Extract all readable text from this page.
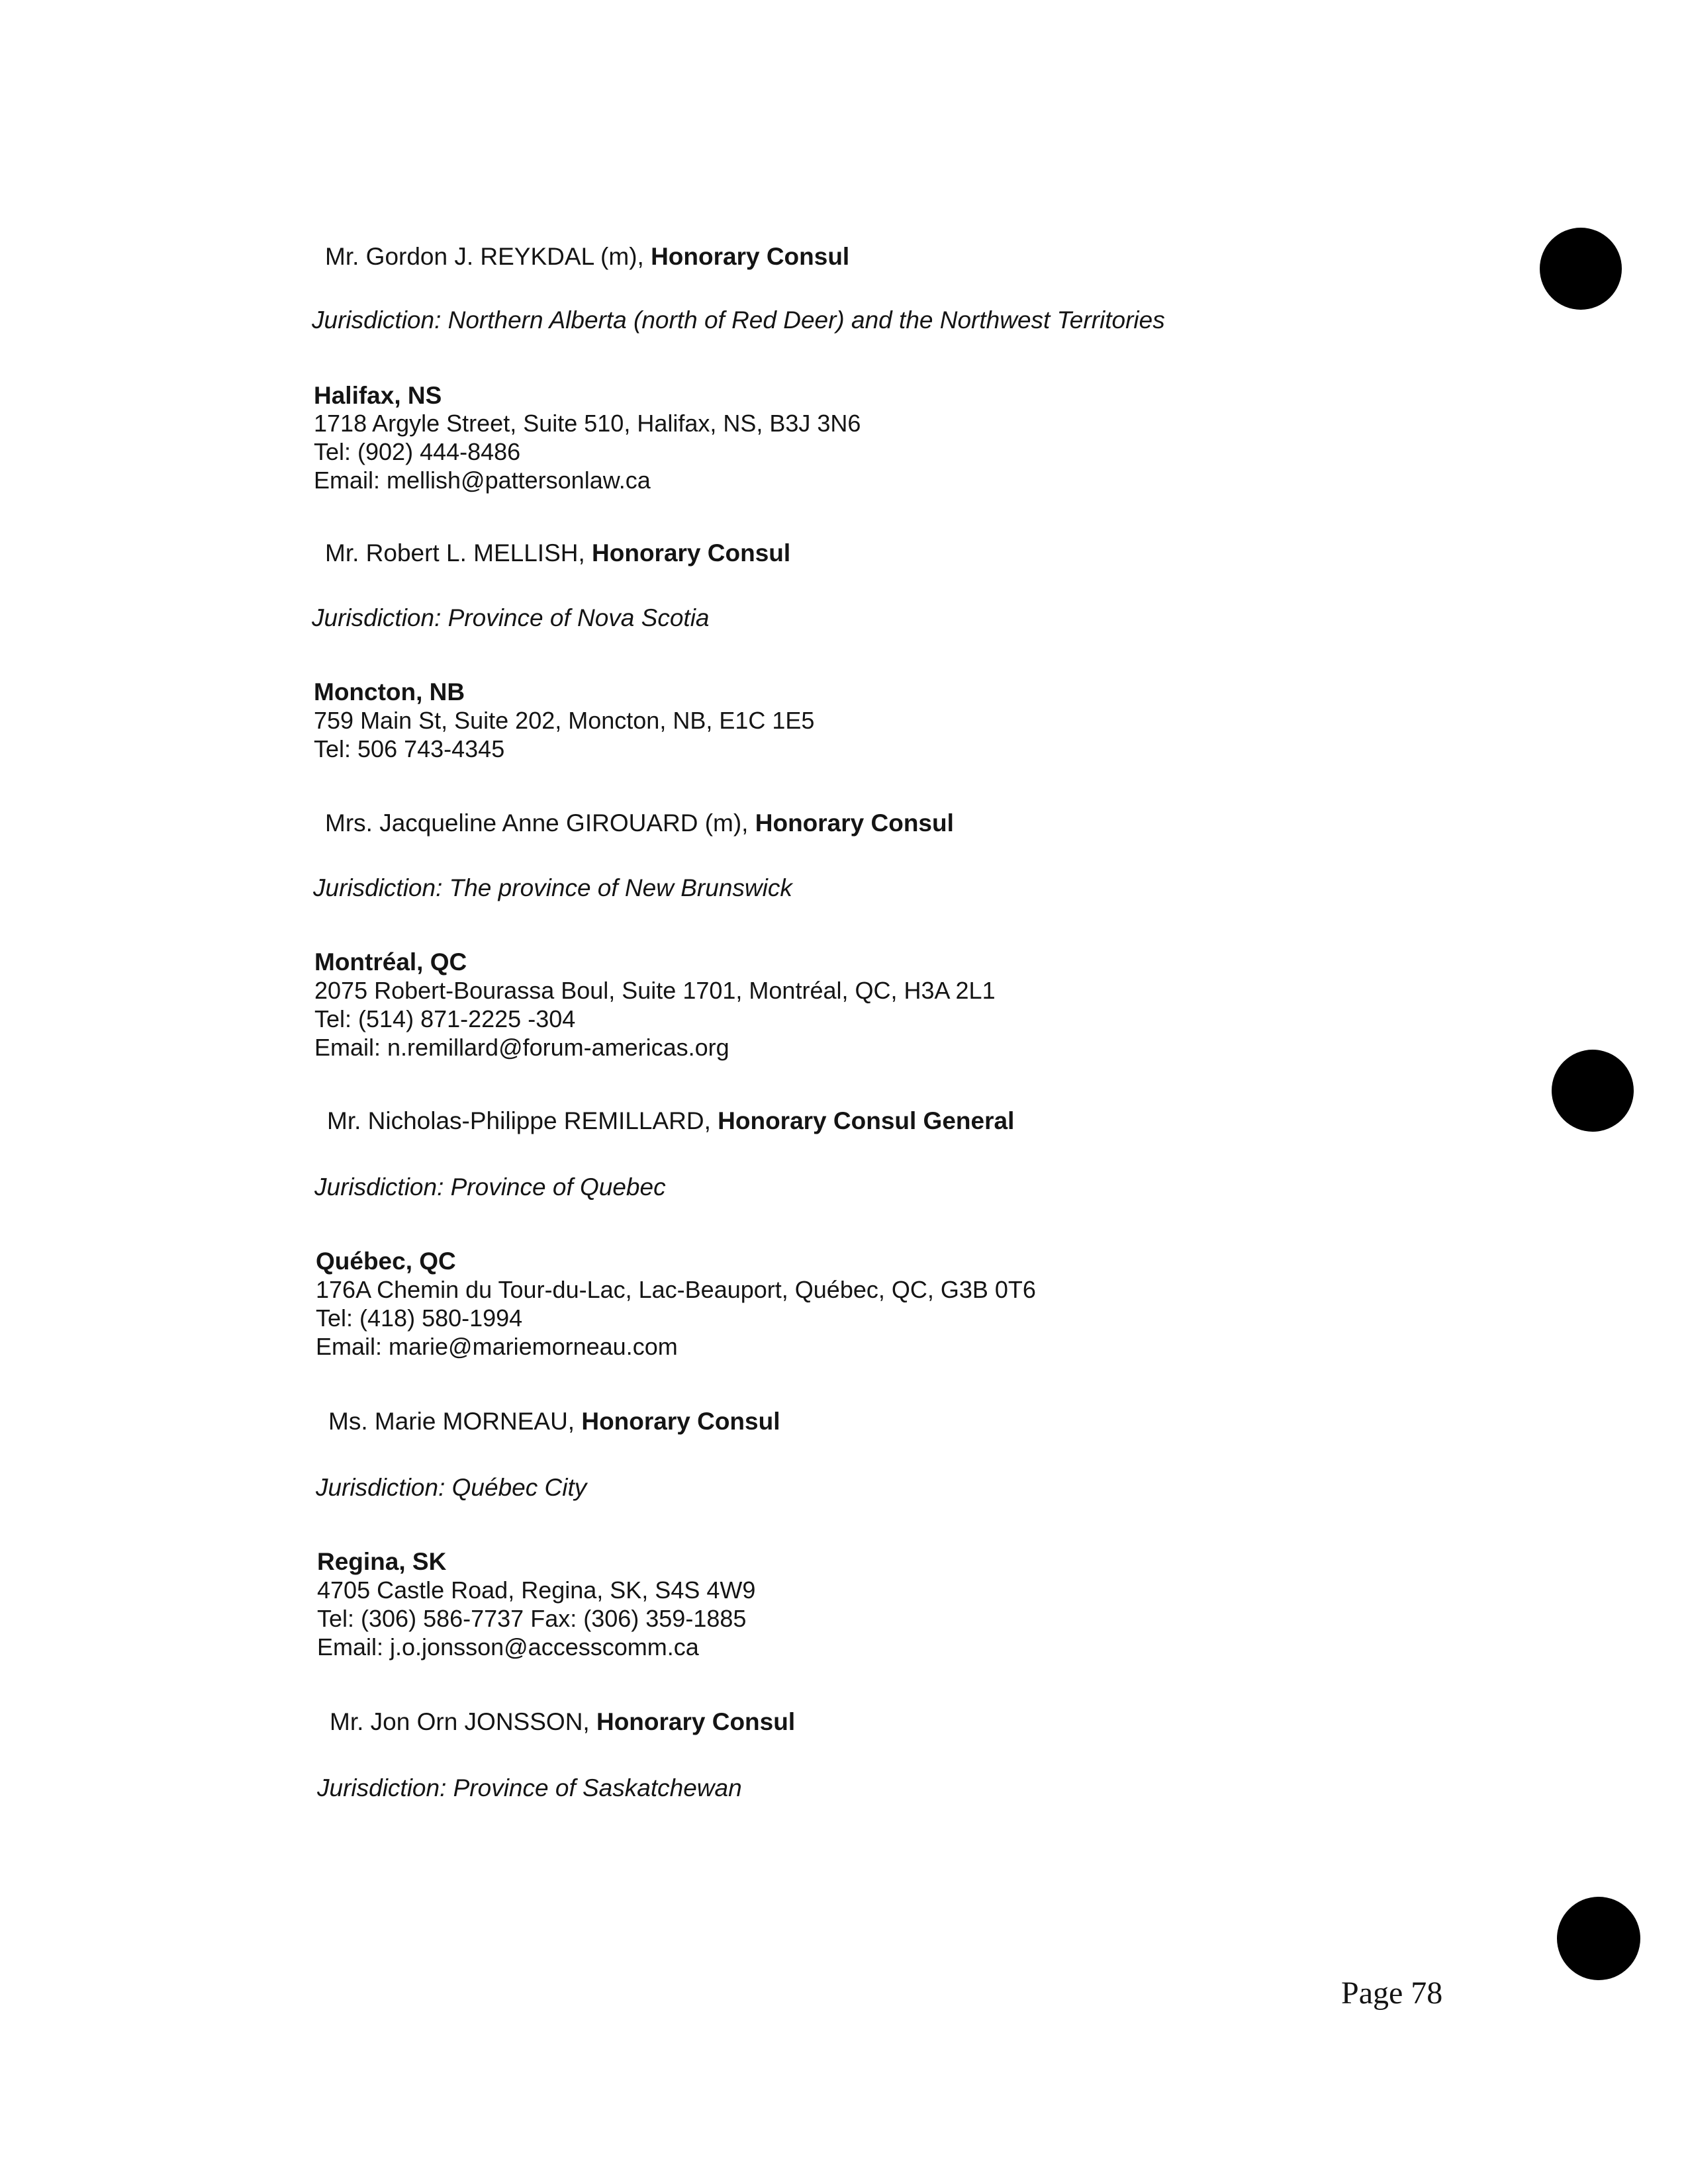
Mr. Gordon J. REYKDAL (m), Honorary Consul
Jurisdiction: Northern Alberta (north of Red Deer) and the Northwest Territories
Halifax, NS
1718 Argyle Street, Suite 510, Halifax, NS, B3J 3N6
Tel: (902) 444-8486
Email: mellish@pattersonlaw.ca
Mr. Robert L. MELLISH, Honorary Consul
Jurisdiction: Province of Nova Scotia
Moncton, NB
759 Main St, Suite 202, Moncton, NB, E1C 1E5
Tel: 506 743-4345
Mrs. Jacqueline Anne GIROUARD (m), Honorary Consul
Jurisdiction: The province of New Brunswick
Montréal, QC
2075 Robert-Bourassa Boul, Suite 1701, Montréal, QC, H3A 2L1
Tel: (514) 871-2225 -304
Email: n.remillard@forum-americas.org
Mr. Nicholas-Philippe REMILLARD, Honorary Consul General
Jurisdiction: Province of Quebec
Québec, QC
176A Chemin du Tour-du-Lac, Lac-Beauport, Québec, QC, G3B 0T6
Tel: (418) 580-1994
Email: marie@mariemorneau.com
Ms. Marie MORNEAU, Honorary Consul
Jurisdiction: Québec City
Regina, SK
4705 Castle Road, Regina, SK, S4S 4W9
Tel: (306) 586-7737 Fax: (306) 359-1885
Email: j.o.jonsson@accesscomm.ca
Mr. Jon Orn JONSSON, Honorary Consul
Jurisdiction: Province of Saskatchewan
Page 78
